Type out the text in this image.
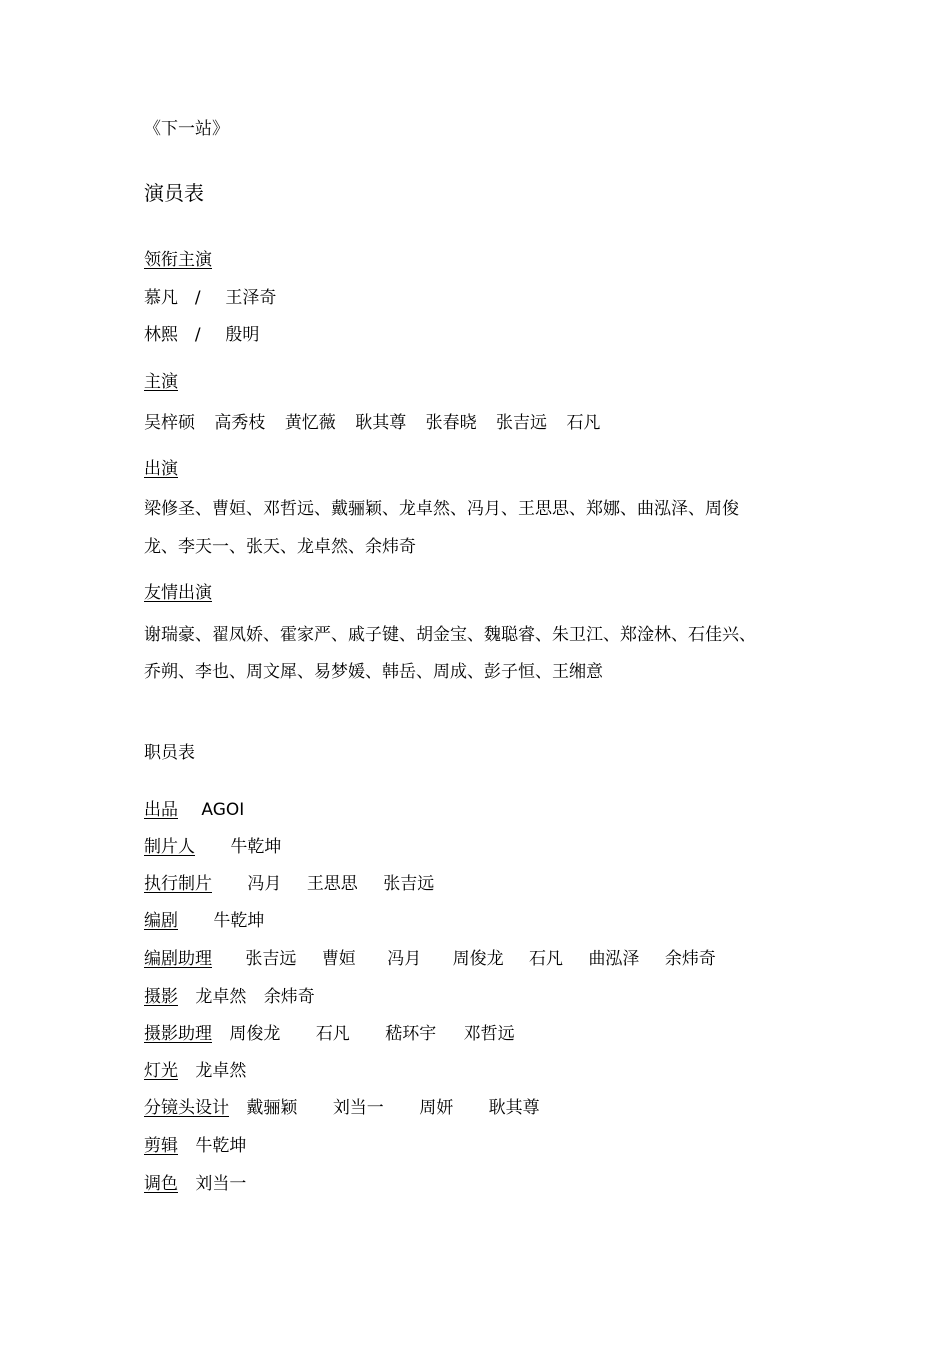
《下一站》
演员表
领衔主演
慕凡 / 王泽奇
林熙 / 殷明
主演
吴梓硕 高秀枝 黄忆薇 耿其尊 张春晓 张吉远 石凡
出演
梁修圣、曹姮、邓哲远、戴骊颖、龙卓然、冯月、王思思、郑娜、曲泓泽、周俊
龙、李天一、张天、龙卓然、余炜奇
友情出演
谢瑞豪、翟凤娇、霍家严、戚子键、胡金宝、魏聪睿、朱卫江、郑淦林、石佳兴、
乔朔、李也、周文犀、易梦媛、韩岳、周成、彭子恒、王缃意
职员表
出品 AGOI
制片人 牛乾坤
执行制片 冯月 王思思 张吉远
编剧 牛乾坤
编剧助理 张吉远 曹姮 冯月 周俊龙 石凡 曲泓泽 余炜奇
摄影 龙卓然 余炜奇
摄影助理 周俊龙 石凡 嵇环宇 邓哲远
灯光 龙卓然
分镜头设计 戴骊颖 刘当一 周妍 耿其尊
剪辑 牛乾坤
调色 刘当一
